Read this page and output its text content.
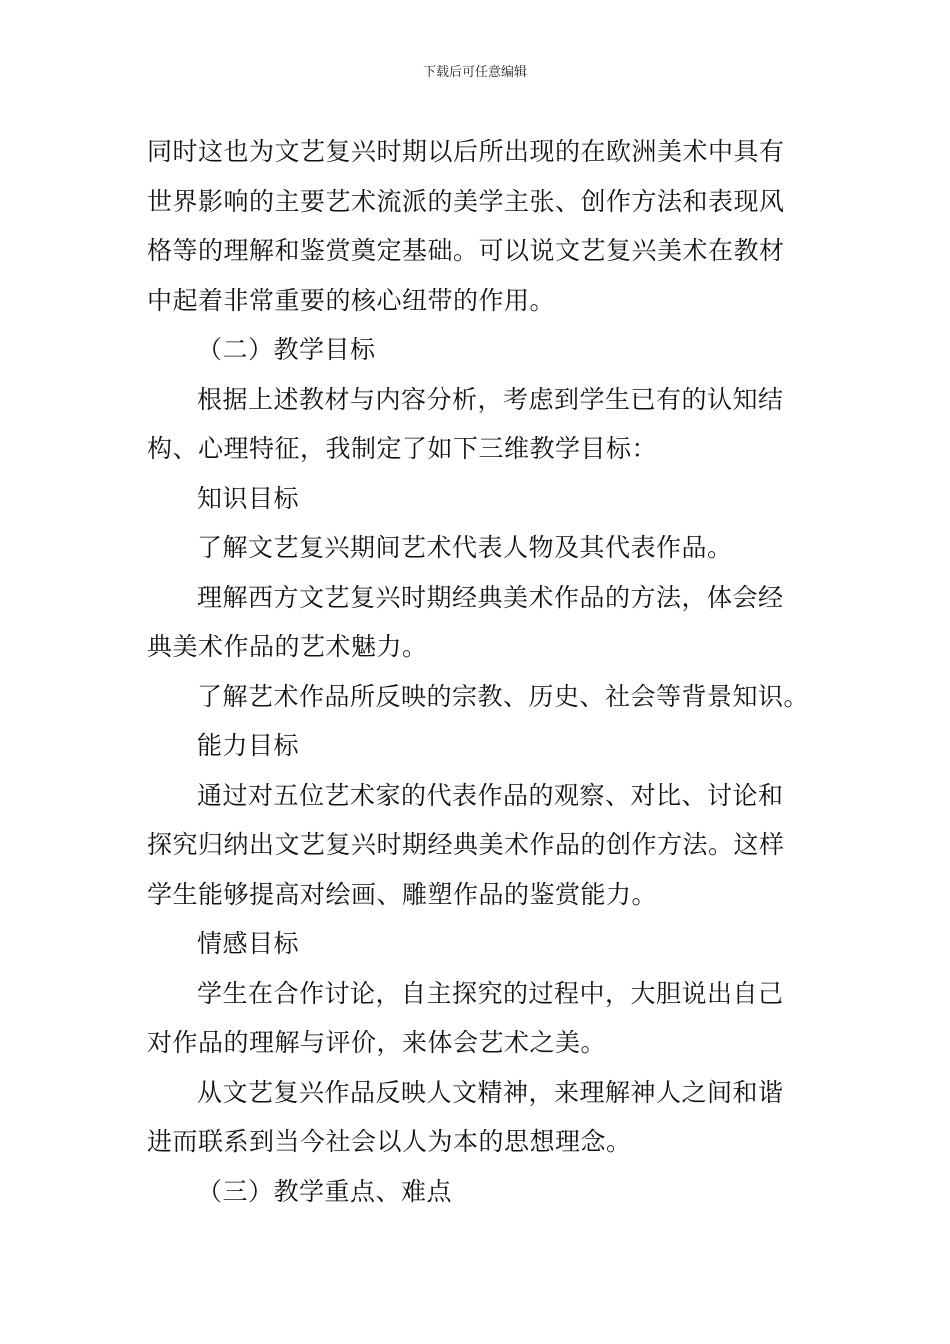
下载后可任意编辑

同时这也为文艺复兴时期以后所出现的在欧洲美术中具有

世界影响的主要艺术流派的美学主张、创作方法和表现风

格等的理解和鉴赏奠定基础。可以说文艺复兴美术在教材

中起着非常重要的核心纽带的作用。

（二）教学目标

根据上述教材与内容分析，考虑到学生已有的认知结

构、心理特征，我制定了如下三维教学目标：

知识目标

了解文艺复兴期间艺术代表人物及其代表作品。

理解西方文艺复兴时期经典美术作品的方法，体会经

典美术作品的艺术魅力。

了解艺术作品所反映的宗教、历史、社会等背景知识。

能力目标

通过对五位艺术家的代表作品的观察、对比、讨论和

探究归纳出文艺复兴时期经典美术作品的创作方法。这样

学生能够提高对绘画、雕塑作品的鉴赏能力。

情感目标

学生在合作讨论，自主探究的过程中，大胆说出自己

对作品的理解与评价，来体会艺术之美。

从文艺复兴作品反映人文精神，来理解神人之间和谐

进而联系到当今社会以人为本的思想理念。

（三）教学重点、难点
